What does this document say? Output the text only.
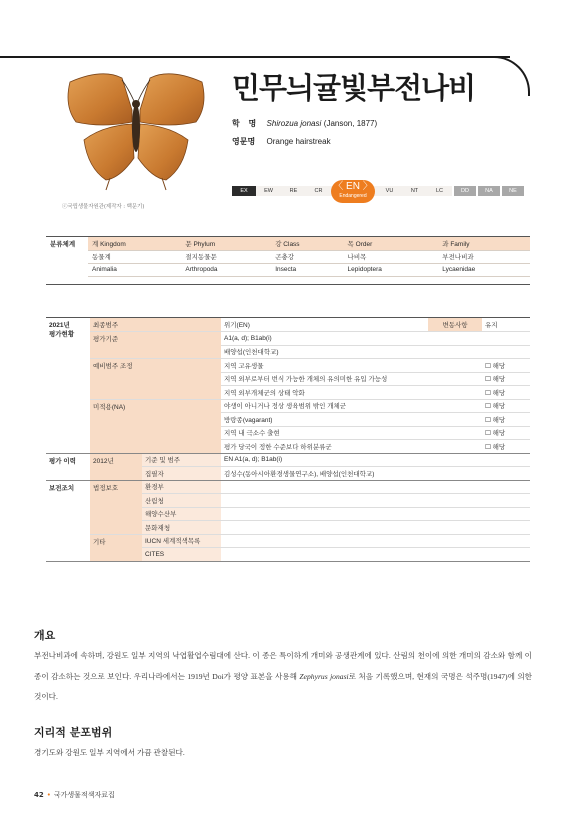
ⓒ국립생물자원관(제작자 : 백문기)
민무늬귤빛부전나비
학 명 Shirozua jonasi (Janson, 1877)
영문명 Orange hairstreak
EX	EW	RE	CR	VU	NT	LC	DD	NA	NE
〈 EN 〉
Endangered
분류체계	계 Kingdom	문 Phylum	강 Class	목 Order	과 Family
	동물계	절지동물문	곤충강	나비목	부전나비과
	Animalia	Arthropoda	Insecta	Lepidoptera	Lycaenidae
2021년
평가현황	최종범주		위기(EN)	변동사항	유지
	평가기준		A1(a, d); B1ab(i)		
			배양섭(인천대학교)		
	예비범주 조정		지역 고유생물		☐ 해당
			지역 외부로부터 번식 가능한 개체의 유의미한 유입 가능성		☐ 해당
			지역 외부개체군의 상태 악화		☐ 해당
	미적용(NA)		야생이 아니거나 정상 생육범위 밖인 개체군		☐ 해당
			방랑종(vagarant)		☐ 해당
			지역 내 극소수 출현		☐ 해당
			평가 당국이 정한 수준보다 하위분류군		☐ 해당
평가 이력	2012년	기준 및 범주	EN A1(a, d); B1ab(i)		
		집필자	김성수(동아시아환경생물연구소), 배양섭(인천대학교)		
보전조치	법정보호	환경부			
		산림청			
		해양수산부			
		문화재청			
	기타	IUCN 세계적색목록			
		CITES			
개요
부전나비과에 속하며, 강원도 일부 지역의 낙엽활엽수림대에 산다. 이 종은 특이하게 개미와 공생관계에 있다. 산림의 천이에 의한 개미의 감소와 함께 이 종이 감소하는 것으로 보인다. 우리나라에서는 1919년 Doi가 평양 표본을 사용해 Zephyrus jonasi로 처음 기록했으며, 현재의 국명은 석주명(1947)에 의한 것이다.
지리적 분포범위
경기도와 강원도 일부 지역에서 가끔 관찰된다.
42 • 국가생물적색자료집
